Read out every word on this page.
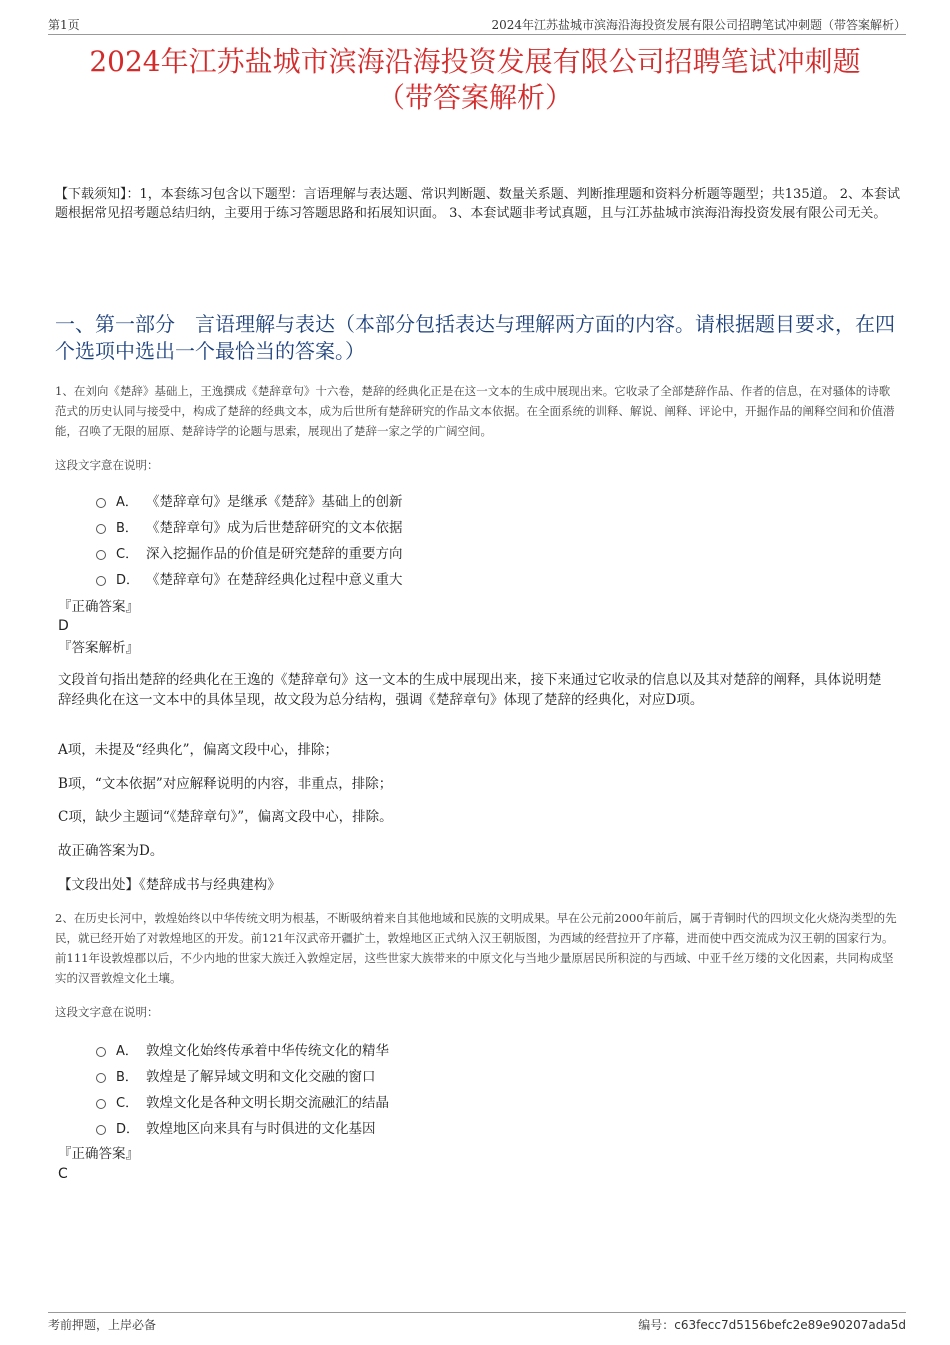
第1页	2024年江苏盐城市滨海沿海投资发展有限公司招聘笔试冲刺题（带答案解析）
2024年江苏盐城市滨海沿海投资发展有限公司招聘笔试冲刺题
（带答案解析）
【下载须知】：1，本套练习包含以下题型：言语理解与表达题、常识判断题、数量关系题、判断推理题和资料分析题等题型；共135道。 2、本套试题根据常见招考题总结归纳，主要用于练习答题思路和拓展知识面。 3、本套试题非考试真题，且与江苏盐城市滨海沿海投资发展有限公司无关。
一、第一部分　言语理解与表达（本部分包括表达与理解两方面的内容。请根据题目要求，在四个选项中选出一个最恰当的答案。）
1、在刘向《楚辞》基础上，王逸撰成《楚辞章句》十六卷，楚辞的经典化正是在这一文本的生成中展现出来。它收录了全部楚辞作品、作者的信息，在对骚体的诗歌范式的历史认同与接受中，构成了楚辞的经典文本，成为后世所有楚辞研究的作品文本依据。在全面系统的训释、解说、阐释、评论中，开掘作品的阐释空间和价值潜能，召唤了无限的屈原、楚辞诗学的论题与思索，展现出了楚辞一家之学的广阔空间。
这段文字意在说明：
A． 《楚辞章句》是继承《楚辞》基础上的创新
B． 《楚辞章句》成为后世楚辞研究的文本依据
C． 深入挖掘作品的价值是研究楚辞的重要方向
D． 《楚辞章句》在楚辞经典化过程中意义重大
『正确答案』
D
『答案解析』
文段首句指出楚辞的经典化在王逸的《楚辞章句》这一文本的生成中展现出来，接下来通过它收录的信息以及其对楚辞的阐释，具体说明楚辞经典化在这一文本中的具体呈现，故文段为总分结构，强调《楚辞章句》体现了楚辞的经典化，对应D项。
A项，未提及“经典化”，偏离文段中心，排除；
B项，“文本依据”对应解释说明的内容，非重点，排除；
C项，缺少主题词“《楚辞章句》”，偏离文段中心，排除。
故正确答案为D。
【文段出处】《楚辞成书与经典建构》
2、在历史长河中，敦煌始终以中华传统文明为根基，不断吸纳着来自其他地域和民族的文明成果。早在公元前2000年前后，属于青铜时代的四坝文化火烧沟类型的先民，就已经开始了对敦煌地区的开发。前121年汉武帝开疆扩土，敦煌地区正式纳入汉王朝版图，为西域的经营拉开了序幕，进而使中西交流成为汉王朝的国家行为。前111年设敦煌郡以后，不少内地的世家大族迁入敦煌定居，这些世家大族带来的中原文化与当地少量原居民所积淀的与西域、中亚千丝万缕的文化因素，共同构成坚实的汉晋敦煌文化土壤。
这段文字意在说明：
A． 敦煌文化始终传承着中华传统文化的精华
B． 敦煌是了解异域文明和文化交融的窗口
C． 敦煌文化是各种文明长期交流融汇的结晶
D． 敦煌地区向来具有与时俱进的文化基因
『正确答案』
C
考前押题，上岸必备	编号：c63fecc7d5156befc2e89e90207ada5d
